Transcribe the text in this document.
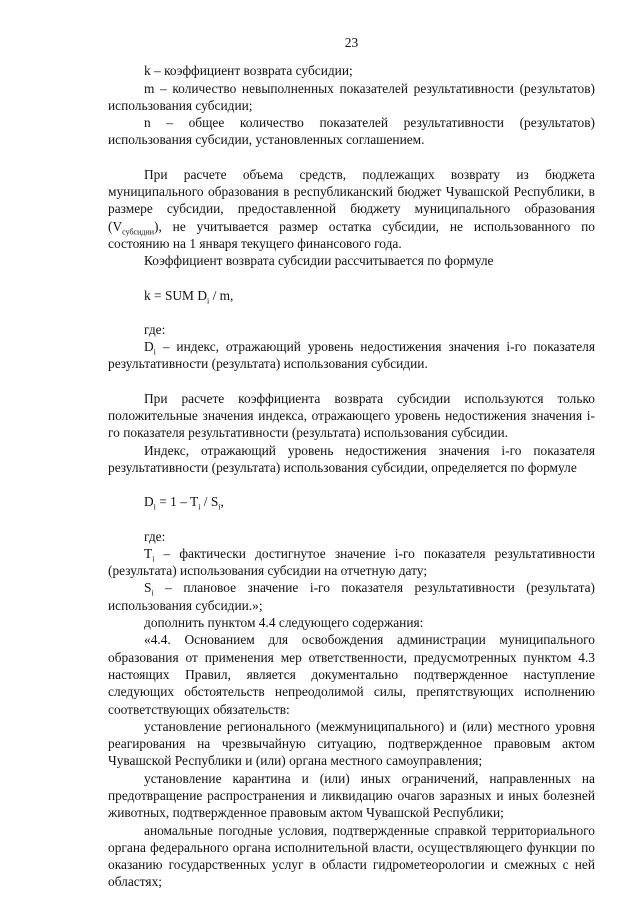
23

k – коэффициент возврата субсидии;

m – количество невыполненных показателей результативности (результатов) использования субсидии;

n – общее количество показателей результативности (результатов) использования субсидии, установленных соглашением.

При расчете объема средств, подлежащих возврату из бюджета муниципального образования в республиканский бюджет Чувашской Республики, в размере субсидии, предоставленной бюджету муниципального образования $(V_{субсидии})$, не учитывается размер остатка субсидии, не использованного по состоянию на 1 января текущего финансового года.

Коэффициент возврата субсидии рассчитывается по формуле

k = SUM $D_i$ / m,

где:

$D_i$ – индекс, отражающий уровень недостижения значения i-го показателя результативности (результата) использования субсидии.

При расчете коэффициента возврата субсидии используются только положительные значения индекса, отражающего уровень недостижения значения i-го показателя результативности (результата) использования субсидии.

Индекс, отражающий уровень недостижения значения i-го показателя результативности (результата) использования субсидии, определяется по формуле

$D_i = 1 - T_i / S_i$,

где:

$T_i$ – фактически достигнутое значение i-го показателя результативности (результата) использования субсидии на отчетную дату;

$S_i$ – плановое значение i-го показателя результативности (результата) использования субсидии.»;

дополнить пунктом 4.4 следующего содержания:

«4.4. Основанием для освобождения администрации муниципального образования от применения мер ответственности, предусмотренных пунктом 4.3 настоящих Правил, является документально подтвержденное наступление следующих обстоятельств непреодолимой силы, препятствующих исполнению соответствующих обязательств:

установление регионального (межмуниципального) и (или) местного уровня реагирования на чрезвычайную ситуацию, подтвержденное правовым актом Чувашской Республики и (или) органа местного самоуправления;

установление карантина и (или) иных ограничений, направленных на предотвращение распространения и ликвидацию очагов заразных и иных болезней животных, подтвержденное правовым актом Чувашской Республики;

аномальные погодные условия, подтвержденные справкой территориального органа федерального органа исполнительной власти, осуществляющего функции по оказанию государственных услуг в области гидрометеорологии и смежных с ней областях;
